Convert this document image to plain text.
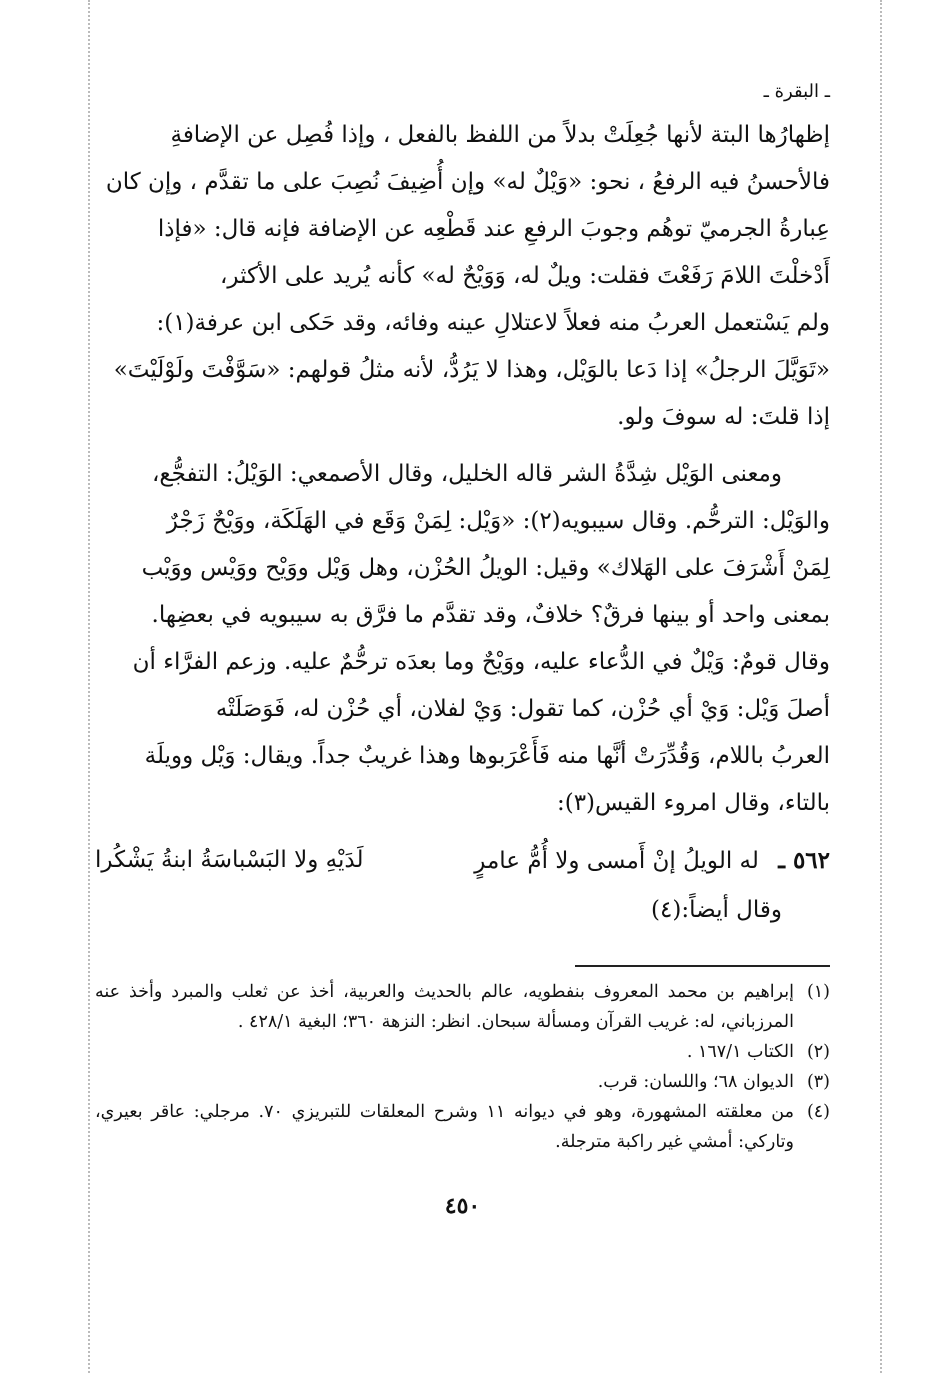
ـ البقرة ـ

إظهارُها البتة لأنها جُعِلَتْ بدلاً من اللفظ بالفعل ، وإذا فُصِل عن الإضافةِ

فالأحسنُ فيه الرفعُ ، نحو: «وَيْلٌ له» وإن أُضِيفَ نُصِبَ على ما تقدَّم ، وإن كان

عِبارةُ الجرميّ توهُم وجوبَ الرفعِ عند قَطْعِه عن الإضافة فإنه قال: «فإذا

أَدْخلْتَ اللامَ رَفَعْتَ فقلت: ويلٌ له، وَوَيْحٌ له» كأنه يُريد على الأكثر،

ولم يَسْتعمل العربُ منه فعلاً لاعتلالِ عينه وفائه، وقد حَكى ابن عرفة(١):

«تَوَيَّلَ الرجلُ» إذا دَعا بالوَيْل، وهذا لا يَرُدُّ، لأنه مثلُ قولهم: «سَوَّفْتَ ولَوْلَيْتَ»

إذا قلتَ: له سوفَ ولو.

ومعنى الوَيْل شِدَّةُ الشر قاله الخليل، وقال الأصمعي: الوَيْلُ: التفجُّع،

والوَيْل: الترحُّم. وقال سيبويه(٢): «وَيْل: لِمَنْ وَقَع في الهَلَكَة، ووَيْحٌ زَجْرٌ

لِمَنْ أَشْرَفَ على الهَلاك» وقيل: الويلُ الحُزْن، وهل وَيْل ووَيْح ووَيْس ووَيْب

بمعنى واحد أو بينها فرقٌ؟ خلافٌ، وقد تقدَّم ما فرَّق به سيبويه في بعضِها.

وقال قومٌ: وَيْلٌ في الدُّعاء عليه، ووَيْحٌ وما بعدَه ترحُّمٌ عليه. وزعم الفرَّاء أن

أصلَ وَيْل: وَيْ أي حُزْن، كما تقول: وَيْ لفلان، أي حُزْن له، فَوَصَلَتْه

العربُ باللام، وَقُدِّرَتْ أنَّها منه فَأَعْرَبوها وهذا غريبٌ جداً. ويقال: وَيْل وويلَة

بالتاء، وقال امروء القيس(٣):

٥٦٢ ـ له الويلُ إنْ أَمسى ولا أُمُّ عامرٍ
لَدَيْهِ ولا البَسْباسَةُ ابنةُ يَشْكُرا

وقال أيضاً:(٤)

(١)
إبراهيم بن محمد المعروف بنفطويه، عالم بالحديث والعربية، أخذ عن ثعلب والمبرد وأخذ عنه المرزباني، له: غريب القرآن ومسألة سبحان. انظر: النزهة ٣٦٠؛ البغية ٤٢٨/١ .

(٢)
الكتاب ١٦٧/١ .

(٣)
الديوان ٦٨؛ واللسان: قرب.

(٤)
من معلقته المشهورة، وهو في ديوانه ١١ وشرح المعلقات للتبريزي ٧٠. مرجلي: عاقر بعيري، وتاركي: أمشي غير راكبة مترجلة.

٤٥٠
